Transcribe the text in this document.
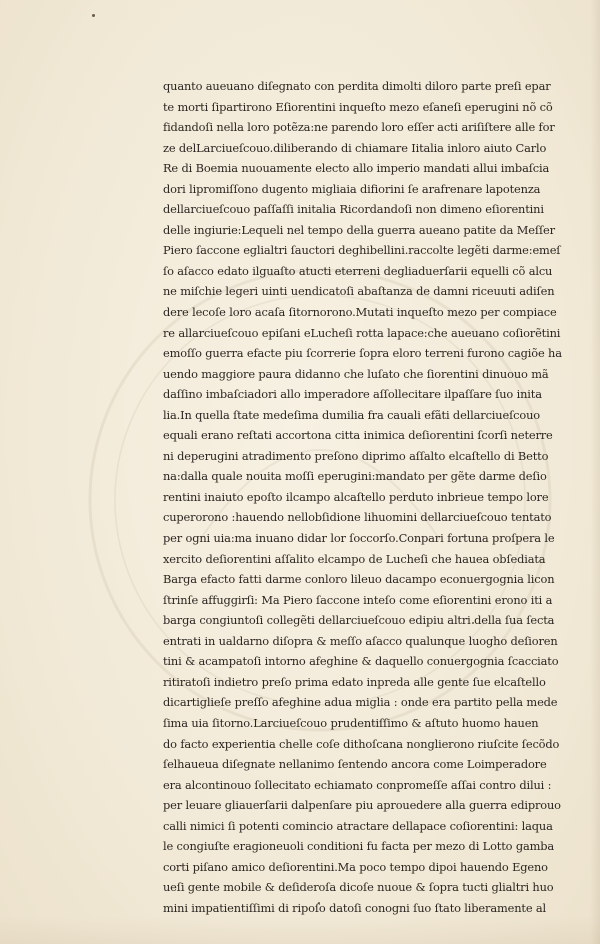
quanto aueuano diſegnato con perdita dimolti diloro parte preſi epar
te morti ſipartirono Eſiorentini inqueſto mezo eſaneſi eperugini nõ cõ
fidandoſi nella loro potẽza:ne parendo loro eſſer acti ariſiſtere alle for
ze delLarciueſcouo.diliberando di chiamare Iitalia inloro aiuto Carlo
Re di Boemia nuouamente electo allo imperio mandati allui imbaſcia
dori lipromiſſono dugento migliaia difiorini ſe arafrenare lapotenza
dellarciueſcouo paſſaſſi initalia Ricordandoſi non dimeno eſiorentini
delle ingiurie:Lequeli nel tempo della guerra aueano patite da Meſſer
Piero ſaccone eglialtri ſauctori deghibellini.raccolte legẽti darme:emeſ
ſo aſacco edato ilguaſto atucti eterreni degliaduerſarii equelli cõ alcu
ne miſchie legeri uinti uendicatoſi abaſtanza de damni riceuuti adiſen
dere lecoſe loro acaſa ſitornorono.Mutati inqueſto mezo per compiace
re allarciueſcouo epiſani eLucheſi rotta lapace:che aueuano coſiorẽtini
emoſſo guerra efacte piu ſcorrerie ſopra eloro terreni furono cagiõe ha
uendo maggiore paura didanno che luſato che ſiorentini dinuouo mã
daſſino imbaſciadori allo imperadore aſſollecitare ilpaſſare ſuo inita
lia.In quella ſtate medeſima dumilia fra cauali efãti dellarciueſcouo
equali erano reſtati accortona citta inimica deſiorentini ſcorſi neterre
ni deperugini atradimento preſono diprimo aſſalto elcaſtello di Betto
na:dalla quale nouita moſſi eperugini:mandato per gẽte darme deſio
rentini inaiuto epoſto ilcampo alcaſtello perduto inbrieue tempo lore
cuperorono :hauendo nellobſidione lihuomini dellarciueſcouo tentato
per ogni uia:ma inuano didar lor ſoccorſo.Conpari fortuna proſpera le
xercito deſiorentini aſſalito elcampo de Lucheſi che hauea obſediata
Barga efacto fatti darme conloro lileuo dacampo econuergognia licon
ſtrinſe affuggirſi: Ma Piero ſaccone inteſo come eſiorentini erono iti a
barga congiuntoſi collegẽti dellarciueſcouo edipiu altri della ſua ſecta
entrati in ualdarno diſopra & meſſo aſacco qualunque luogho deſioren
tini & acampatoſi intorno afeghine & daquello conuergognia ſcacciato
ritiratoſi indietro preſo prima edato inpreda alle gente ſue elcaſtello
dicartiglieſe preſſo afeghine adua miglia : onde era partito pella mede
ſima uia ſitorno.Larciueſcouo prudentiſſimo & aſtuto huomo hauen
do facto experientia chelle coſe dithoſcana nonglierono riuſcite ſecõdo
ſelhaueua diſegnate nellanimo ſentendo ancora come Loimperadore
era alcontinouo ſollecitato echiamato conpromeſſe aſſai contro dilui :
per leuare gliauerſarii dalpenſare piu aprouedere alla guerra ediprouo
calli nimici ſi potenti comincio atractare dellapace coſiorentini: laqua
le congiuſte eragioneuoli conditioni fu facta per mezo di Lotto gamba
corti piſano amico deſiorentini.Ma poco tempo dipoi hauendo Egeno
ueſi gente mobile & deſideroſa dicoſe nuoue & ſopra tucti glialtri huo
mini impatientiſſimi di ripoſo datoſi conogni ſuo ſtato liberamente al
